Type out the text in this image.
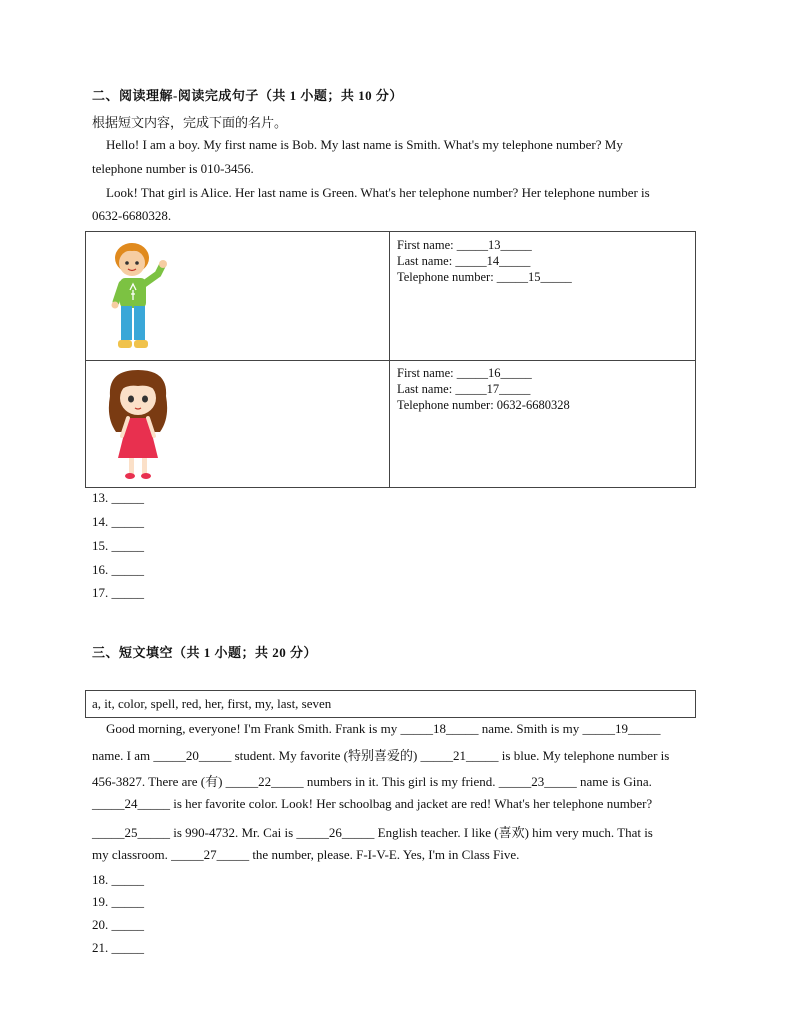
二、阅读理解-阅读完成句子（共 1 小题；共 10 分）
根据短文内容，完成下面的名片。
Hello! I am a boy. My first name is Bob. My last name is Smith. What's my telephone number? My
telephone number is 010-3456.
Look! That girl is Alice. Her last name is Green. What's her telephone number? Her telephone number is
0632-6680328.
First name: _____13_____
Last name: _____14_____
Telephone number: _____15_____
First name: _____16_____
Last name: _____17_____
Telephone number: 0632-6680328
13. _____
14. _____
15. _____
16. _____
17. _____
三、短文填空（共 1 小题；共 20 分）
a, it, color, spell, red, her, first, my, last, seven
Good morning, everyone! I'm Frank Smith. Frank is my _____18_____ name. Smith is my _____19_____
name. I am _____20_____ student. My favorite (特别喜爱的) _____21_____ is blue. My telephone number is
456-3827. There are (有) _____22_____ numbers in it. This girl is my friend. _____23_____ name is Gina.
_____24_____ is her favorite color. Look! Her schoolbag and jacket are red! What's her telephone number?
_____25_____ is 990-4732. Mr. Cai is _____26_____ English teacher. I like (喜欢) him very much. That is
my classroom. _____27_____ the number, please. F-I-V-E. Yes, I'm in Class Five.
18. _____
19. _____
20. _____
21. _____
